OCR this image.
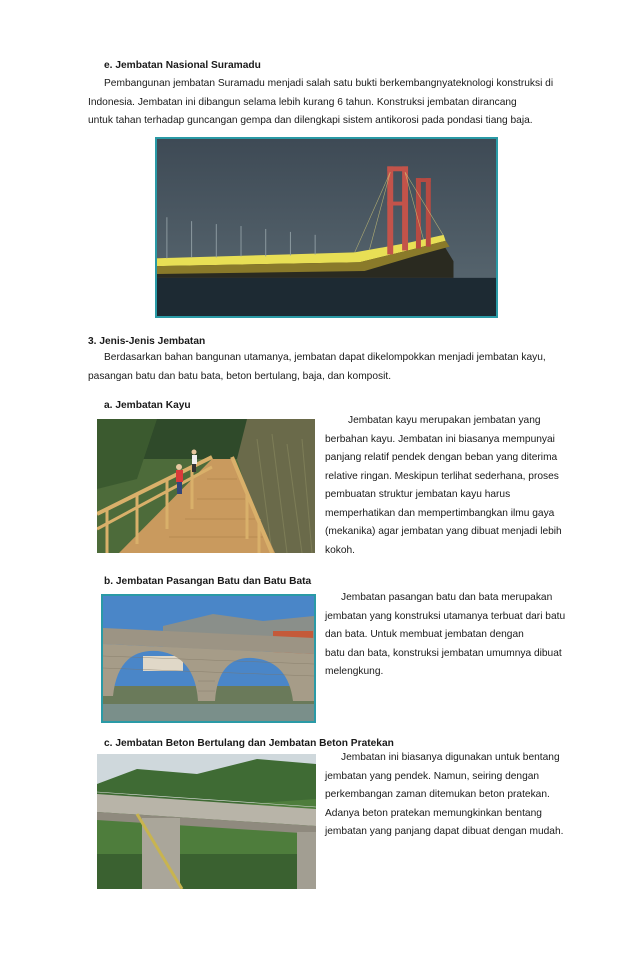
e. Jembatan Nasional Suramadu
Pembangunan jembatan Suramadu menjadi salah satu bukti berkembangnyateknologi konstruksi di
Indonesia. Jembatan ini dibangun selama lebih kurang 6 tahun. Konstruksi jembatan dirancang
untuk tahan terhadap guncangan gempa dan dilengkapi sistem antikorosi pada pondasi tiang baja.
3. Jenis-Jenis Jembatan
Berdasarkan bahan bangunan utamanya, jembatan dapat dikelompokkan menjadi jembatan kayu,
pasangan batu dan batu bata, beton bertulang, baja, dan komposit.
a. Jembatan Kayu
Jembatan kayu merupakan jembatan yang
berbahan kayu. Jembatan ini biasanya mempunyai
panjang relatif pendek dengan beban yang diterima
relative ringan. Meskipun terlihat sederhana, proses
pembuatan struktur jembatan kayu harus
memperhatikan dan mempertimbangkan ilmu gaya
(mekanika) agar jembatan yang dibuat menjadi lebih
kokoh.
b. Jembatan Pasangan Batu dan Batu Bata
Jembatan pasangan batu dan bata merupakan
jembatan yang konstruksi utamanya terbuat dari batu
dan bata. Untuk membuat jembatan dengan
batu dan bata, konstruksi jembatan umumnya dibuat
melengkung.
c. Jembatan Beton Bertulang dan Jembatan Beton Pratekan
Jembatan ini biasanya digunakan untuk bentang
jembatan yang pendek. Namun, seiring dengan
perkembangan zaman ditemukan beton pratekan.
Adanya beton pratekan memungkinkan bentang
jembatan yang panjang dapat dibuat dengan mudah.
